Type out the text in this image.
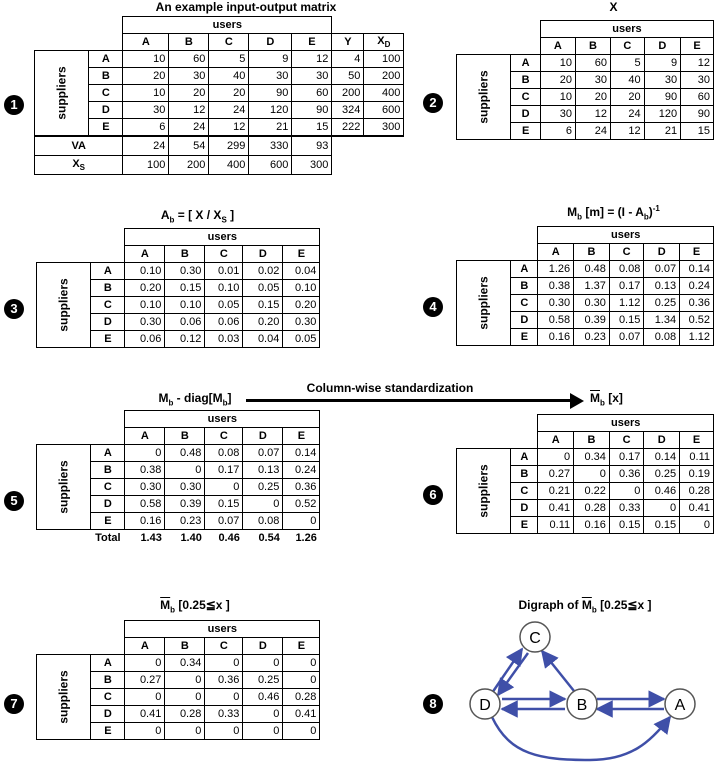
An example input-output matrix
1
		users						
		A	B	C	D	E	Y	$X_D$

suppliers	A	10	60	5	9	12	4	100
	B	20	30	40	30	30	50	200
	C	10	20	20	90	60	200	400
	D	30	12	24	120	90	324	600
	E	6	24	12	21	15	222	300
VA		24	54	299	330	93		
$X_S$		100	200	400	600	300		
X
2
		users				
		A	B	C	D	E

suppliers	A	10	60	5	9	12
	B	20	30	40	30	30
	C	10	20	20	90	60
	D	30	12	24	120	90
	E	6	24	12	21	15
$A_b$ = [ X / $X_S$ ]
3
		users				
		A	B	C	D	E

suppliers	A	0.10	0.30	0.01	0.02	0.04
	B	0.20	0.15	0.10	0.05	0.10
	C	0.10	0.10	0.05	0.15	0.20
	D	0.30	0.06	0.06	0.20	0.30
	E	0.06	0.12	0.03	0.04	0.05
$M_b$ $[m] = (I - A_b)^{-1}$
4
		users				
		A	B	C	D	E

suppliers	A	1.26	0.48	0.08	0.07	0.14
	B	0.38	1.37	0.17	0.13	0.24
	C	0.30	0.30	1.12	0.25	0.36
	D	0.58	0.39	0.15	1.34	0.52
	E	0.16	0.23	0.07	0.08	1.12
$M_b$ - $diag[M_b]$
Column-wise standardization
5
		users				
		A	B	C	D	E

suppliers	A	0	0.48	0.08	0.07	0.14
	B	0.38	0	0.17	0.13	0.24
	C	0.30	0.30	0	0.25	0.36
	D	0.58	0.39	0.15	0	0.52
	E	0.16	0.23	0.07	0.08	0
	Total	1.43	1.40	0.46	0.54	1.26
$\overline{M}_b$ [x]
6
		users				
		A	B	C	D	E

suppliers	A	0	0.34	0.17	0.14	0.11
	B	0.27	0	0.36	0.25	0.19
	C	0.21	0.22	0	0.46	0.28
	D	0.41	0.28	0.33	0	0.41
	E	0.11	0.16	0.15	0.15	0
$\overline{M}_b$ [0.25≦x ]
7
		users				
		A	B	C	D	E

suppliers	A	0	0.34	0	0	0
	B	0.27	0	0.36	0.25	0
	C	0	0	0	0.46	0.28
	D	0.41	0.28	0.33	0	0.41
	E	0	0	0	0	0
Digraph of $\overline{M}_b$ [0.25≦x ]
8
C
D	B	A
